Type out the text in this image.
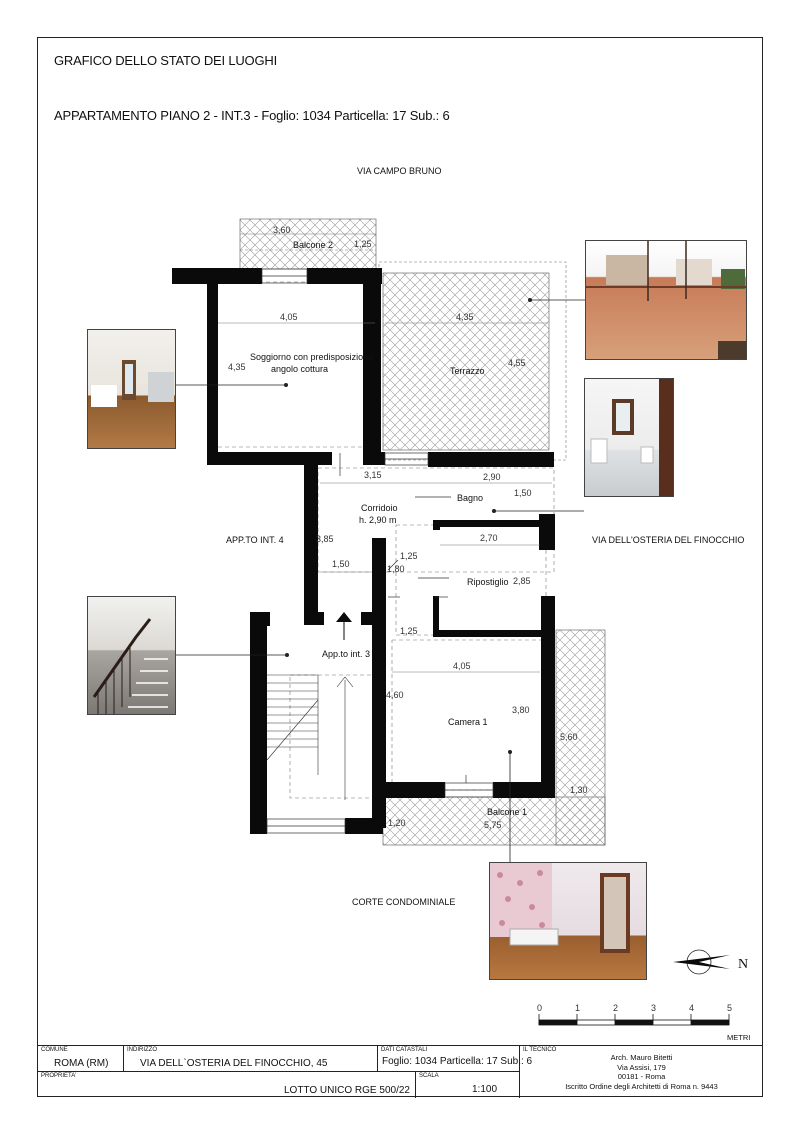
GRAFICO DELLO STATO DEI LUOGHI
APPARTAMENTO PIANO 2 - INT.3 - Foglio: 1034 Particella: 17 Sub.: 6
VIA CAMPO BRUNO
VIA DELL'OSTERIA DEL FINOCCHIO
CORTE CONDOMINIALE
APP.TO INT. 4
3,60
1,25
4,05
4,35
4,35
4,55
3,15
3,85
1,50
2,90
1,50
2,70
2,85
1,25
1,80
1,25
4,05
3,80
4,60
5,75
1,20
5,60
1,30
Balcone 2
Soggiorno con predisposizione
angolo cottura	Terrazzo
Corridoio
h. 2,90 m
Bagno
Ripostiglio
App.to int. 3
Camera 1
Balcone 1
N
0	1	2	3	4	5
METRI
COMUNE
ROMA (RM)
INDIRIZZO
VIA DELL`OSTERIA DEL FINOCCHIO, 45
DATI CATASTALI
Foglio: 1034 Particella: 17 Sub.: 6
IL TECNICO
Arch. Mauro Bitetti
Via Assisi, 179
00181 - Roma
Iscritto Ordine degli Architetti di Roma n. 9443
PROPRIETA'
LOTTO UNICO RGE 500/22
SCALA
1:100
